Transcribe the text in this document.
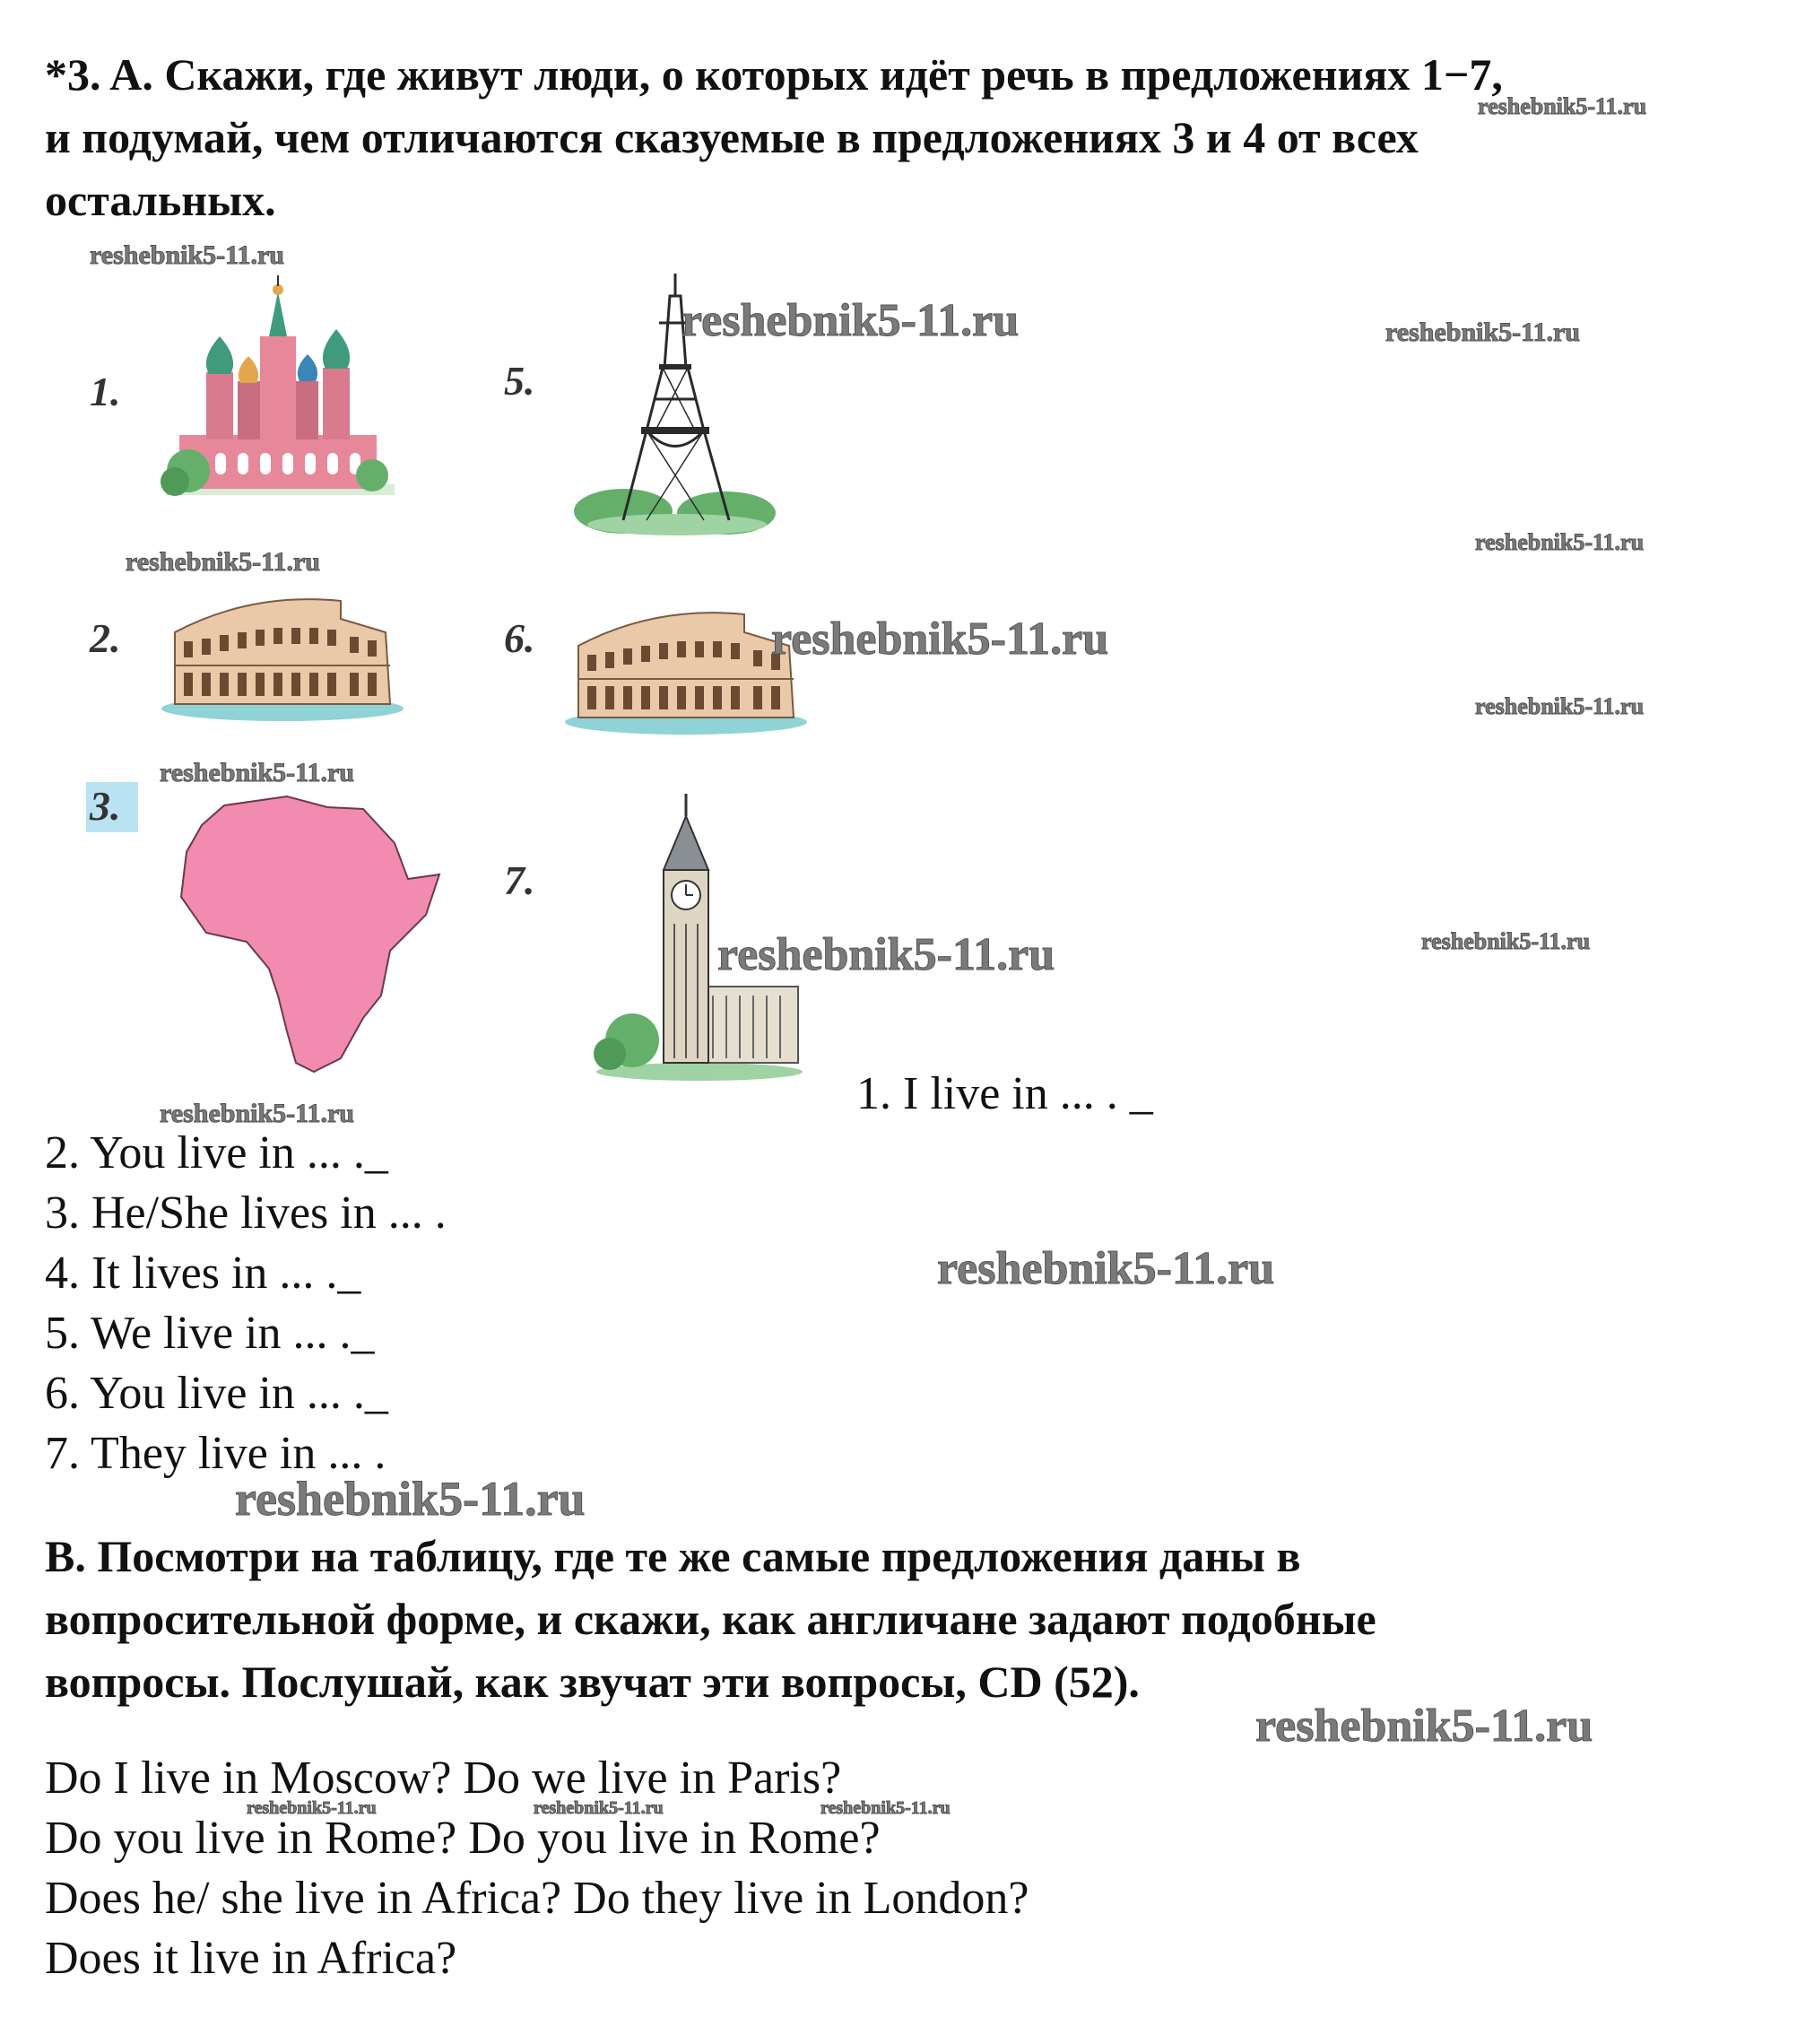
*3. A. Скажи, где живут люди, о которых идёт речь в предложениях 1−7,
и подумай, чем отличаются сказуемые в предложениях 3 и 4 от всех
остальных.
1.	5.
2.	6.
3.
7.
reshebnik5-11.ru
reshebnik5-11.ru
reshebnik5-11.ru	reshebnik5-11.ru
reshebnik5-11.ru
reshebnik5-11.ru
reshebnik5-11.ru
reshebnik5-11.ru
reshebnik5-11.ru
reshebnik5-11.ru	reshebnik5-11.ru
reshebnik5-11.ru	1. I live in ... . _
2. You live in ... ._
3. He/She lives in ... .
4. It lives in ... ._
5. We live in ... ._
6. You live in ... ._
7. They live in ... .
reshebnik5-11.ru
reshebnik5-11.ru
B. Посмотри на таблицу, где те же самые предложения даны в
вопросительной форме, и скажи, как англичане задают подобные
вопросы. Послушай, как звучат эти вопросы, CD (52).
reshebnik5-11.ru
Do I live in Moscow? Do we live in Paris?
reshebnik5-11.ru	reshebnik5-11.ru	reshebnik5-11.ru
Do you live in Rome? Do you live in Rome?
Does he/ she live in Africa? Do they live in London?
Does it live in Africa?
